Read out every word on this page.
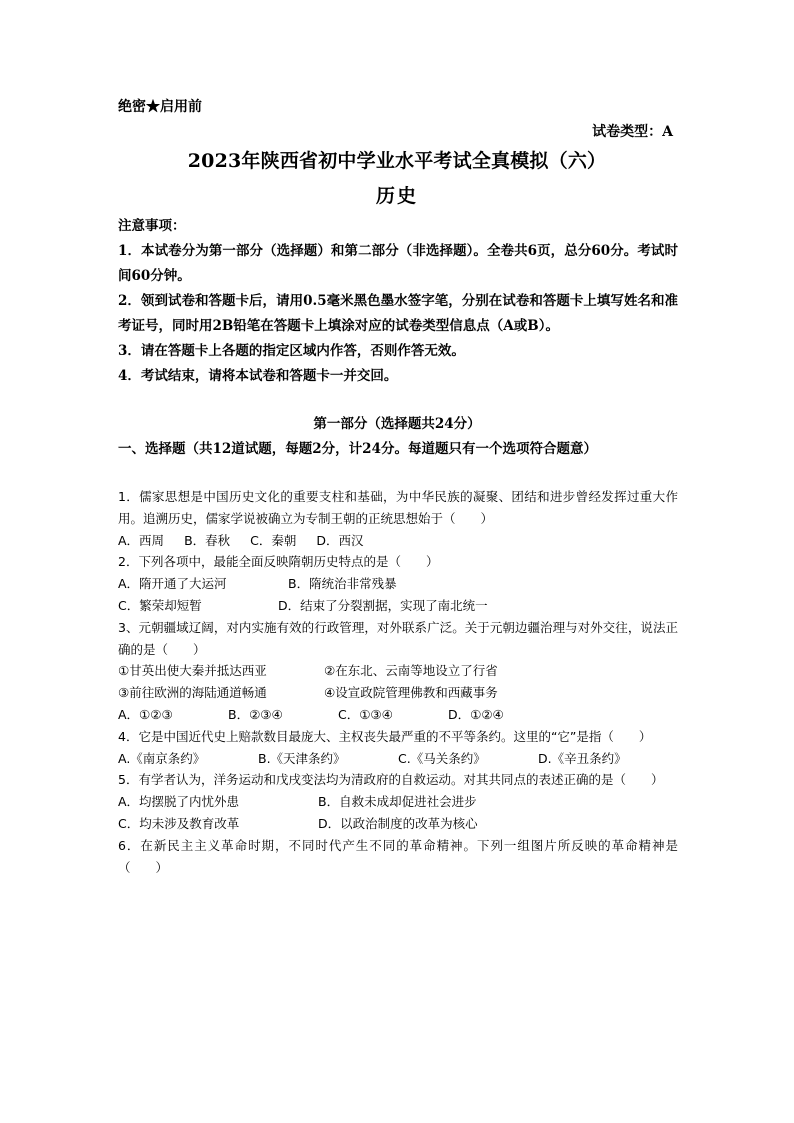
绝密★启用前
试卷类型：A
2023年陕西省初中学业水平考试全真模拟（六）
历史

注意事项：

1．本试卷分为第一部分（选择题）和第二部分（非选择题）。全卷共6页，总分60分。考试时间60分钟。

2．领到试卷和答题卡后，请用0.5毫米黑色墨水签字笔，分别在试卷和答题卡上填写姓名和准考证号，同时用2B铅笔在答题卡上填涂对应的试卷类型信息点（A或B）。

3．请在答题卡上各题的指定区域内作答，否则作答无效。

4．考试结束，请将本试卷和答题卡一并交回。

第一部分（选择题共24分）
一、选择题（共12道试题，每题2分，计24分。每道题只有一个选项符合题意）

1．儒家思想是中国历史文化的重要支柱和基础，为中华民族的凝聚、团结和进步曾经发挥过重大作用。追溯历史，儒家学说被确立为专制王朝的正统思想始于（　　）

A．西周 B．春秋 C．秦朝 D．西汉

2．下列各项中，最能全面反映隋朝历史特点的是（　　）

A．隋开通了大运河	B．隋统治非常残暴
C．繁荣却短暂	D．结束了分裂割据，实现了南北统一

3、元朝疆域辽阔，对内实施有效的行政管理，对外联系广泛。关于元朝边疆治理与对外交往，说法正确的是（　　）

①甘英出使大秦并抵达西亚	②在东北、云南等地设立了行省
③前往欧洲的海陆通道畅通	④设宣政院管理佛教和西藏事务
A．①②③	B．②③④	C．①③④	D．①②④

4．它是中国近代史上赔款数目最庞大、主权丧失最严重的不平等条约。这里的“它”是指（　　）

A.《南京条约》	B.《天津条约》	C.《马关条约》	D.《辛丑条约》

5．有学者认为，洋务运动和戊戌变法均为清政府的自救运动。对其共同点的表述正确的是（　　）

A．均摆脱了内忧外患	B．自救未成却促进社会进步
C．均未涉及教育改革	D．以政治制度的改革为核心

6．在新民主主义革命时期，不同时代产生不同的革命精神。下列一组图片所反映的革命精神是（　　）
